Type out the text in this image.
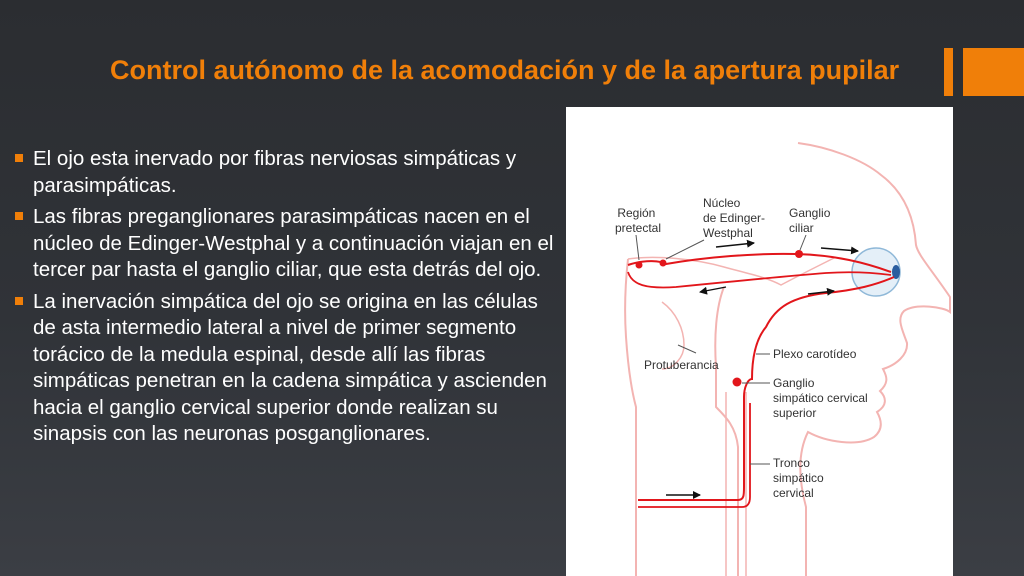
Control autónomo de la acomodación y de la apertura pupilar
El ojo esta inervado por fibras nerviosas simpáticas y parasimpáticas.
Las fibras preganglionares parasimpáticas nacen en el núcleo de Edinger-Westphal y a continuación viajan en el tercer par hasta el ganglio ciliar, que esta detrás del ojo.
La inervación simpática del ojo se origina en las células de asta intermedio lateral a nivel de primer segmento torácico de la medula espinal, desde allí las fibras simpáticas penetran en la cadena simpática y ascienden hacia el ganglio cervical superior donde realizan su sinapsis con las neuronas posganglionares.
Región pretectal
Núcleo de Edinger- Westphal
Ganglio ciliar
Plexo carotídeo
Protuberancia
Ganglio simpático cervical superior
Tronco simpático cervical
